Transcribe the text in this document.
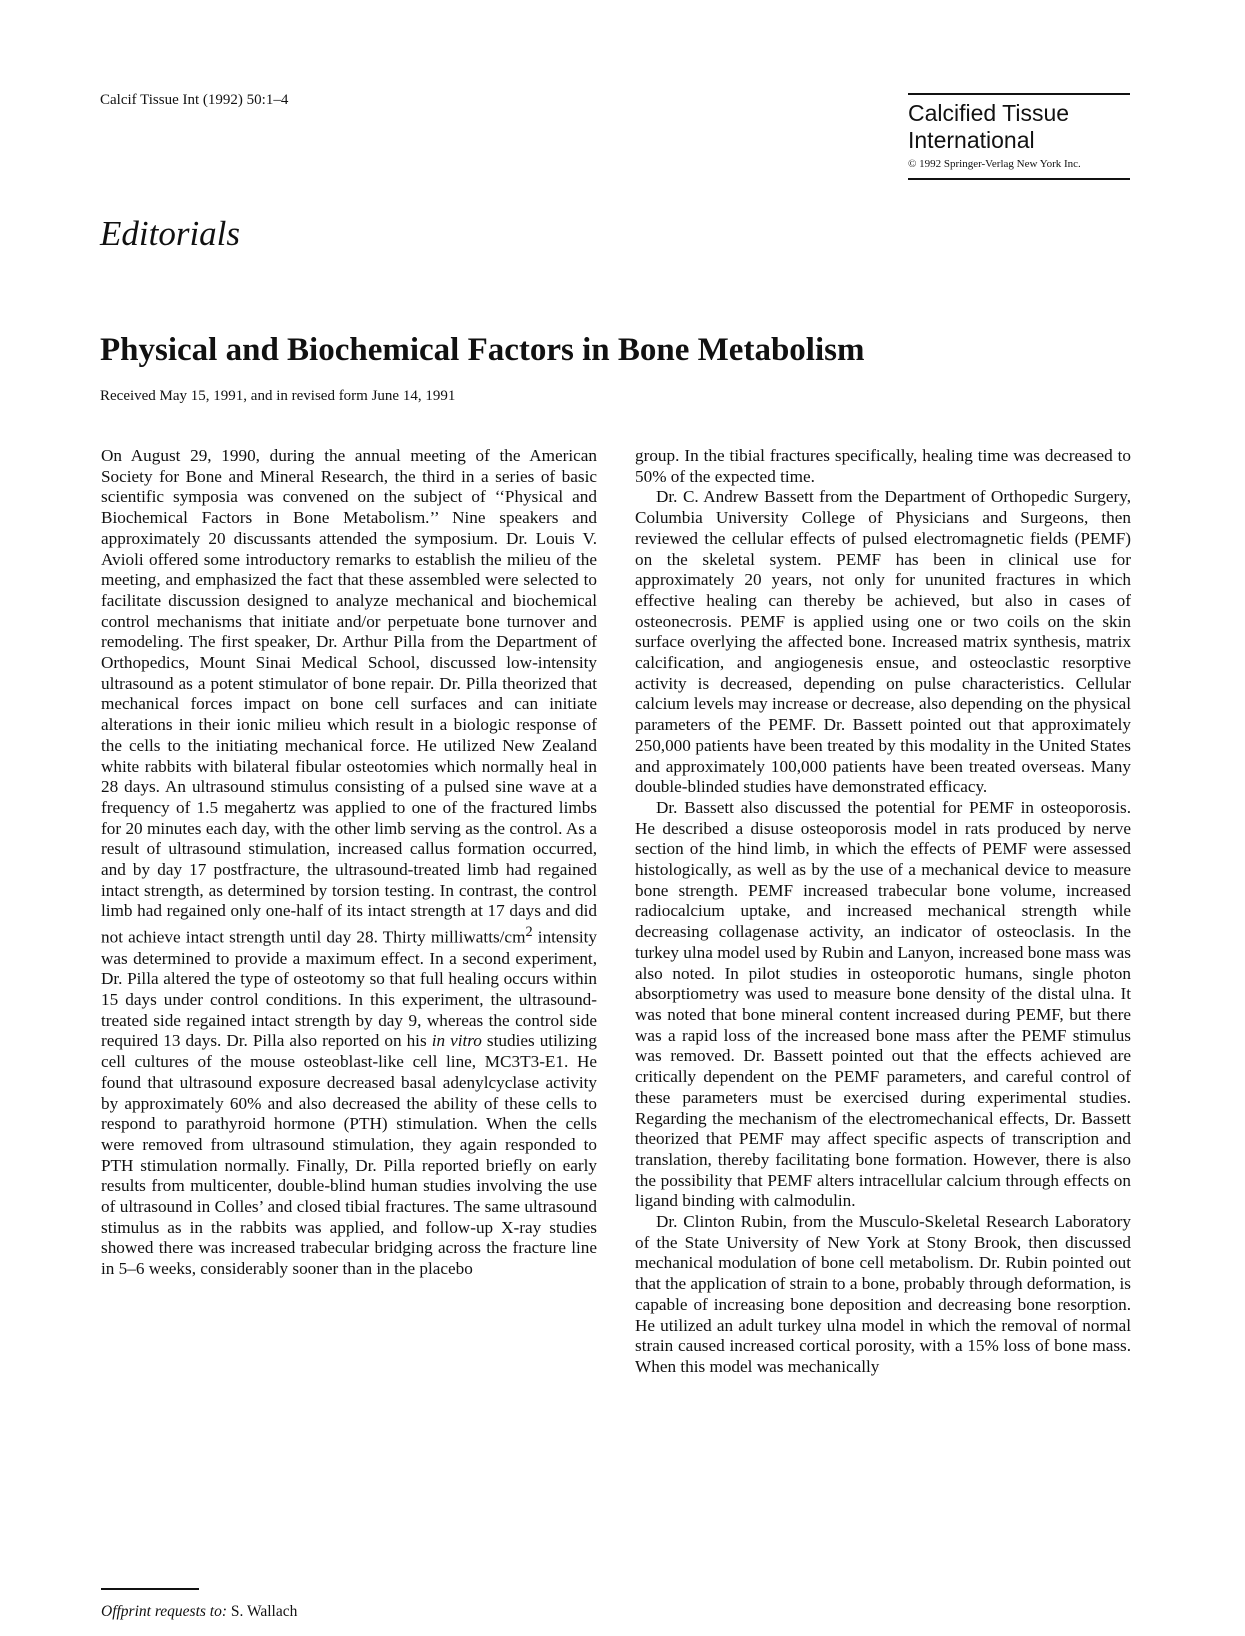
Calcif Tissue Int (1992) 50:1–4	Calcified Tissue
International
© 1992 Springer-Verlag New York Inc.
Editorials
Physical and Biochemical Factors in Bone Metabolism
Received May 15, 1991, and in revised form June 14, 1991

On August 29, 1990, during the annual meeting of the American Society for Bone and Mineral Research, the third in a series of basic scientific symposia was convened on the subject of ‘‘Physical and Biochemical Factors in Bone Metabolism.’’ Nine speakers and approximately 20 discussants attended the symposium. Dr. Louis V. Avioli offered some introductory remarks to establish the milieu of the meeting, and emphasized the fact that these assembled were selected to facilitate discussion designed to analyze mechanical and biochemical control mechanisms that initiate and/or perpetuate bone turnover and remodeling. The first speaker, Dr. Arthur Pilla from the Department of Orthopedics, Mount Sinai Medical School, discussed low-intensity ultrasound as a potent stimulator of bone repair. Dr. Pilla theorized that mechanical forces impact on bone cell surfaces and can initiate alterations in their ionic milieu which result in a biologic response of the cells to the initiating mechanical force. He utilized New Zealand white rabbits with bilateral fibular osteotomies which normally heal in 28 days. An ultrasound stimulus consisting of a pulsed sine wave at a frequency of 1.5 megahertz was applied to one of the fractured limbs for 20 minutes each day, with the other limb serving as the control. As a result of ultrasound stimulation, increased callus formation occurred, and by day 17 postfracture, the ultrasound-treated limb had regained intact strength, as determined by torsion testing. In contrast, the control limb had regained only one-half of its intact strength at 17 days and did not achieve intact strength until day 28. Thirty milliwatts/$cm^2$ intensity was determined to provide a maximum effect. In a second experiment, Dr. Pilla altered the type of osteotomy so that full healing occurs within 15 days under control conditions. In this experiment, the ultrasound-treated side regained intact strength by day 9, whereas the control side required 13 days. Dr. Pilla also reported on his in vitro studies utilizing cell cultures of the mouse osteoblast-like cell line, MC3T3-E1. He found that ultrasound exposure decreased basal adenylcyclase activity by approximately 60% and also decreased the ability of these cells to respond to parathyroid hormone (PTH) stimulation. When the cells were removed from ultrasound stimulation, they again responded to PTH stimulation normally. Finally, Dr. Pilla reported briefly on early results from multicenter, double-blind human studies involving the use of ultrasound in Colles’ and closed tibial fractures. The same ultrasound stimulus as in the rabbits was applied, and follow-up X-ray studies showed there was increased trabecular bridging across the fracture line in 5–6 weeks, considerably sooner than in the placebo

group. In the tibial fractures specifically, healing time was decreased to 50% of the expected time.

Dr. C. Andrew Bassett from the Department of Orthopedic Surgery, Columbia University College of Physicians and Surgeons, then reviewed the cellular effects of pulsed electromagnetic fields (PEMF) on the skeletal system. PEMF has been in clinical use for approximately 20 years, not only for ununited fractures in which effective healing can thereby be achieved, but also in cases of osteonecrosis. PEMF is applied using one or two coils on the skin surface overlying the affected bone. Increased matrix synthesis, matrix calcification, and angiogenesis ensue, and osteoclastic resorptive activity is decreased, depending on pulse characteristics. Cellular calcium levels may increase or decrease, also depending on the physical parameters of the PEMF. Dr. Bassett pointed out that approximately 250,000 patients have been treated by this modality in the United States and approximately 100,000 patients have been treated overseas. Many double-blinded studies have demonstrated efficacy.

Dr. Bassett also discussed the potential for PEMF in osteoporosis. He described a disuse osteoporosis model in rats produced by nerve section of the hind limb, in which the effects of PEMF were assessed histologically, as well as by the use of a mechanical device to measure bone strength. PEMF increased trabecular bone volume, increased radiocalcium uptake, and increased mechanical strength while decreasing collagenase activity, an indicator of osteoclasis. In the turkey ulna model used by Rubin and Lanyon, increased bone mass was also noted. In pilot studies in osteoporotic humans, single photon absorptiometry was used to measure bone density of the distal ulna. It was noted that bone mineral content increased during PEMF, but there was a rapid loss of the increased bone mass after the PEMF stimulus was removed. Dr. Bassett pointed out that the effects achieved are critically dependent on the PEMF parameters, and careful control of these parameters must be exercised during experimental studies. Regarding the mechanism of the electromechanical effects, Dr. Bassett theorized that PEMF may affect specific aspects of transcription and translation, thereby facilitating bone formation. However, there is also the possibility that PEMF alters intracellular calcium through effects on ligand binding with calmodulin.

Dr. Clinton Rubin, from the Musculo-Skeletal Research Laboratory of the State University of New York at Stony Brook, then discussed mechanical modulation of bone cell metabolism. Dr. Rubin pointed out that the application of strain to a bone, probably through deformation, is capable of increasing bone deposition and decreasing bone resorption. He utilized an adult turkey ulna model in which the removal of normal strain caused increased cortical porosity, with a 15% loss of bone mass. When this model was mechanically

Offprint requests to: S. Wallach
